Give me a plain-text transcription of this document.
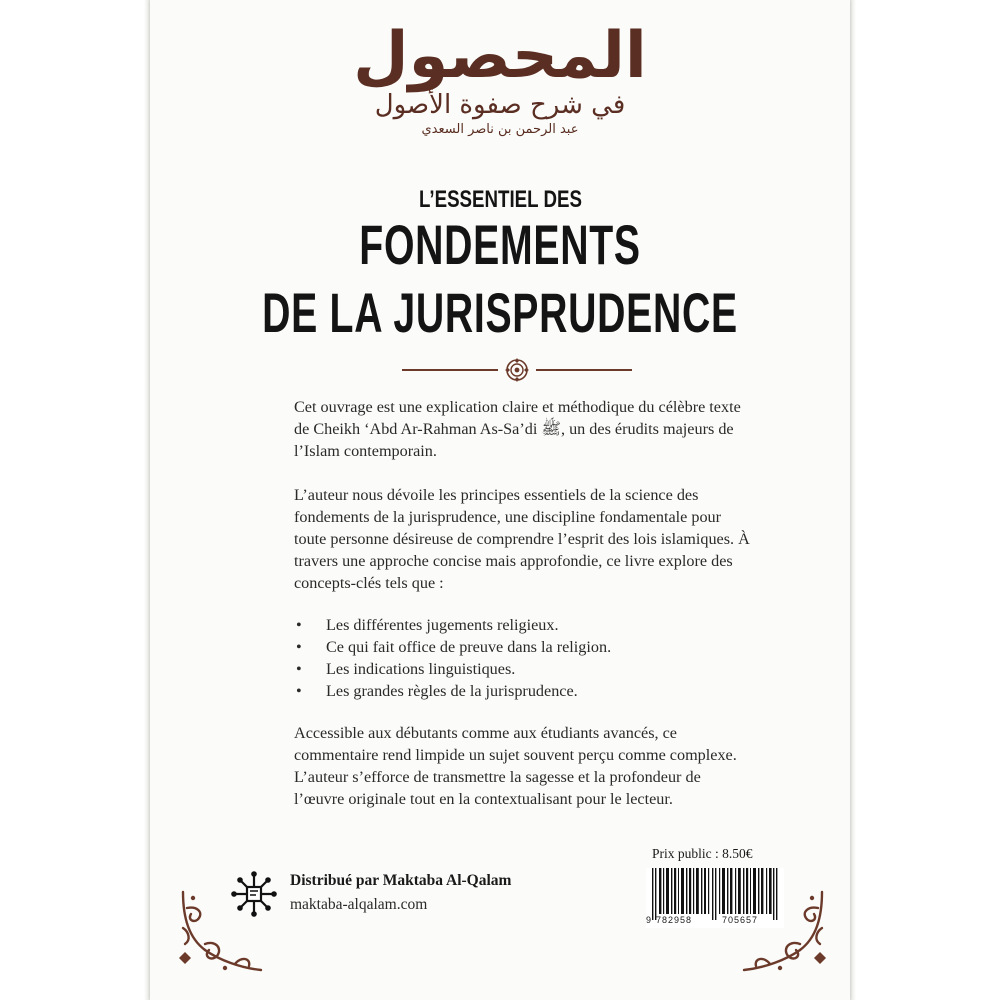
المحصول
في شرح صفوة الأصول
عبد الرحمن بن ناصر السعدي
L’ESSENTIEL DES
FONDEMENTS
DE LA JURISPRUDENCE

Cet ouvrage est une explication claire et méthodique du célèbre texte de Cheikh ‘Abd Ar-Rahman As-Sa’di ﷺ, un des érudits majeurs de l’Islam contemporain.

L’auteur nous dévoile les principes essentiels de la science des fondements de la jurisprudence, une discipline fondamentale pour toute personne désireuse de comprendre l’esprit des lois islamiques. À travers une approche concise mais approfondie, ce livre explore des concepts-clés tels que :

• Les différentes jugements religieux.
• Ce qui fait office de preuve dans la religion.
• Les indications linguistiques.
• Les grandes règles de la jurisprudence.

Accessible aux débutants comme aux étudiants avancés, ce commentaire rend limpide un sujet souvent perçu comme complexe. L’auteur s’efforce de transmettre la sagesse et la profondeur de l’œuvre originale tout en la contextualisant pour le lecteur.

Distribué par Maktaba Al-Qalam
maktaba-alqalam.com
Prix public : 8.50€
9 782958	705657
